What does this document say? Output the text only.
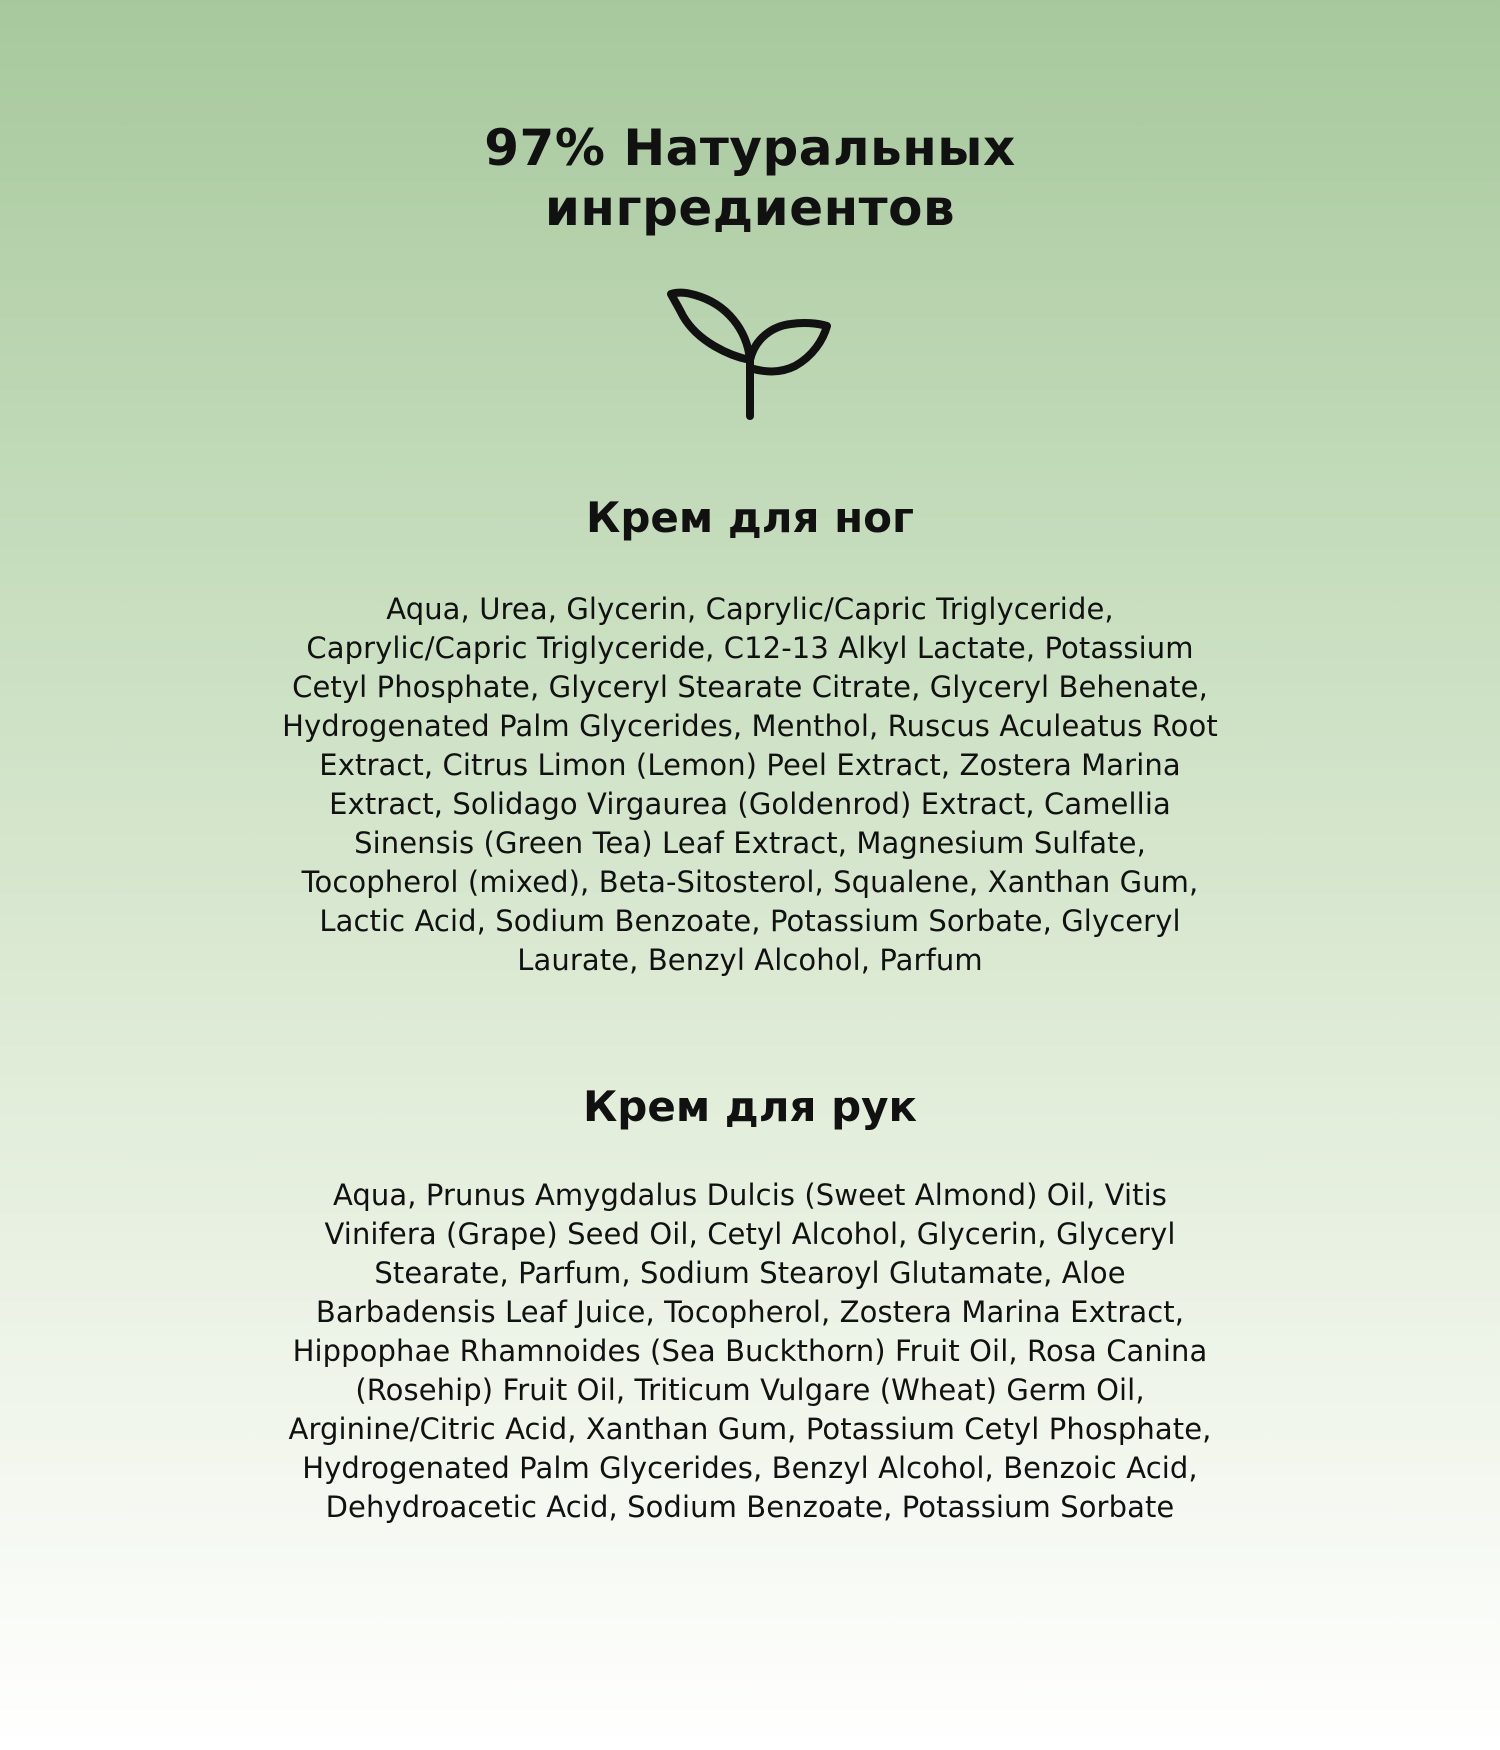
97% Натуральных
ингредиентов
Крем для ног

Aqua, Urea, Glycerin, Caprylic/Capric Triglyceride, Caprylic/Capric Triglyceride, C12-13 Alkyl Lactate, Potassium Cetyl Phosphate, Glyceryl Stearate Citrate, Glyceryl Behenate, Hydrogenated Palm Glycerides, Menthol, Ruscus Aculeatus Root Extract, Citrus Limon (Lemon) Peel Extract, Zostera Marina Extract, Solidago Virgaurea (Goldenrod) Extract, Camellia Sinensis (Green Tea) Leaf Extract, Magnesium Sulfate, Tocopherol (mixed), Beta-Sitosterol, Squalene, Xanthan Gum, Lactic Acid, Sodium Benzoate, Potassium Sorbate, Glyceryl Laurate, Benzyl Alcohol, Parfum

Крем для рук

Aqua, Prunus Amygdalus Dulcis (Sweet Almond) Oil, Vitis Vinifera (Grape) Seed Oil, Cetyl Alcohol, Glycerin, Glyceryl Stearate, Parfum, Sodium Stearoyl Glutamate, Aloe Barbadensis Leaf Juice, Tocopherol, Zostera Marina Extract, Hippophae Rhamnoides (Sea Buckthorn) Fruit Oil, Rosa Canina (Rosehip) Fruit Oil, Triticum Vulgare (Wheat) Germ Oil, Arginine/Citric Acid, Xanthan Gum, Potassium Cetyl Phosphate, Hydrogenated Palm Glycerides, Benzyl Alcohol, Benzoic Acid, Dehydroacetic Acid, Sodium Benzoate, Potassium Sorbate
